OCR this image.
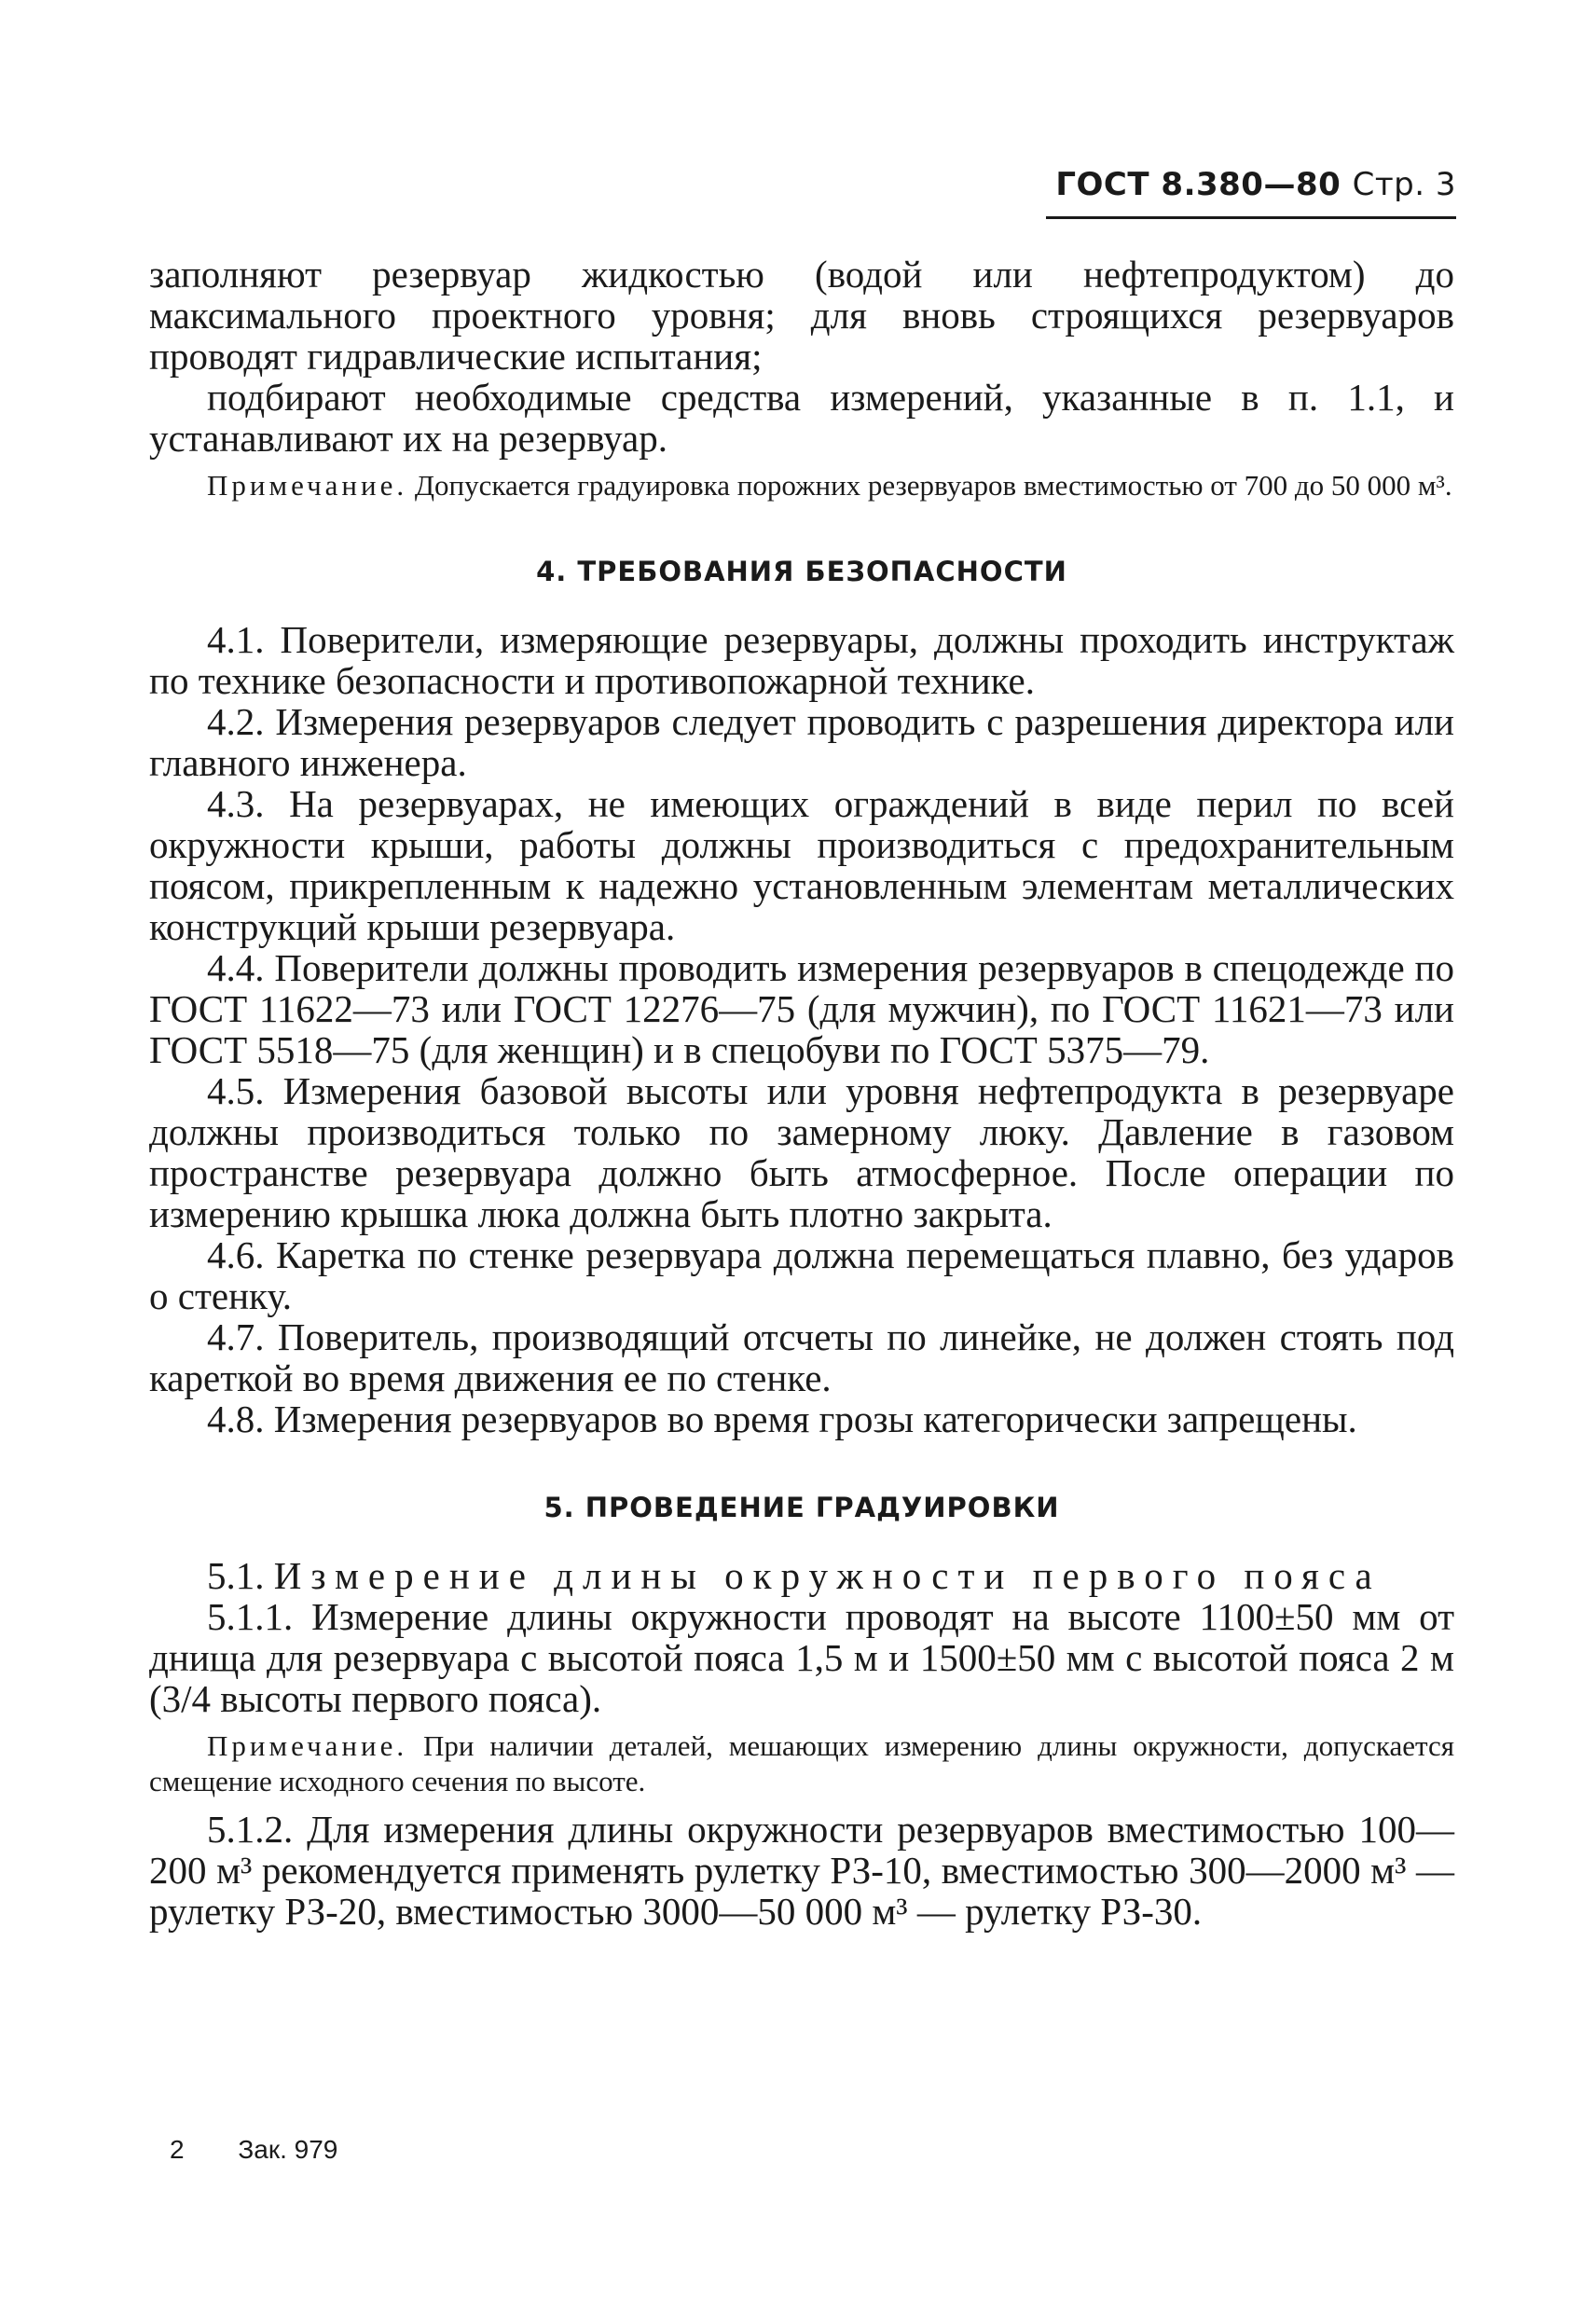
ГОСТ 8.380—80 Стр. 3

заполняют резервуар жидкостью (водой или нефтепродуктом) до максимального проектного уровня; для вновь строящихся резервуаров проводят гидравлические испытания;

подбирают необходимые средства измерений, указанные в п. 1.1, и устанавливают их на резервуар.

Примечание. Допускается градуировка порожних резервуаров вместимостью от 700 до 50 000 м³.
4. ТРЕБОВАНИЯ БЕЗОПАСНОСТИ

4.1. Поверители, измеряющие резервуары, должны проходить инструктаж по технике безопасности и противопожарной технике.

4.2. Измерения резервуаров следует проводить с разрешения директора или главного инженера.

4.3. На резервуарах, не имеющих ограждений в виде перил по всей окружности крыши, работы должны производиться с предохранительным поясом, прикрепленным к надежно установленным элементам металлических конструкций крыши резервуара.

4.4. Поверители должны проводить измерения резервуаров в спецодежде по ГОСТ 11622—73 или ГОСТ 12276—75 (для мужчин), по ГОСТ 11621—73 или ГОСТ 5518—75 (для женщин) и в спецобуви по ГОСТ 5375—79.

4.5. Измерения базовой высоты или уровня нефтепродукта в резервуаре должны производиться только по замерному люку. Давление в газовом пространстве резервуара должно быть атмосферное. После операции по измерению крышка люка должна быть плотно закрыта.

4.6. Каретка по стенке резервуара должна перемещаться плавно, без ударов о стенку.

4.7. Поверитель, производящий отсчеты по линейке, не должен стоять под кареткой во время движения ее по стенке.

4.8. Измерения резервуаров во время грозы категорически запрещены.

5. ПРОВЕДЕНИЕ ГРАДУИРОВКИ

5.1. Измерение длины окружности первого пояса

5.1.1. Измерение длины окружности проводят на высоте 1100±50 мм от днища для резервуара с высотой пояса 1,5 м и 1500±50 мм с высотой пояса 2 м (3/4 высоты первого пояса).

Примечание. При наличии деталей, мешающих измерению длины окружности, допускается смещение исходного сечения по высоте.

5.1.2. Для измерения длины окружности резервуаров вместимостью 100—200 м³ рекомендуется применять рулетку РЗ-10, вместимостью 300—2000 м³ — рулетку РЗ-20, вместимостью 3000—50 000 м³ — рулетку РЗ-30.

2 Зак. 979
